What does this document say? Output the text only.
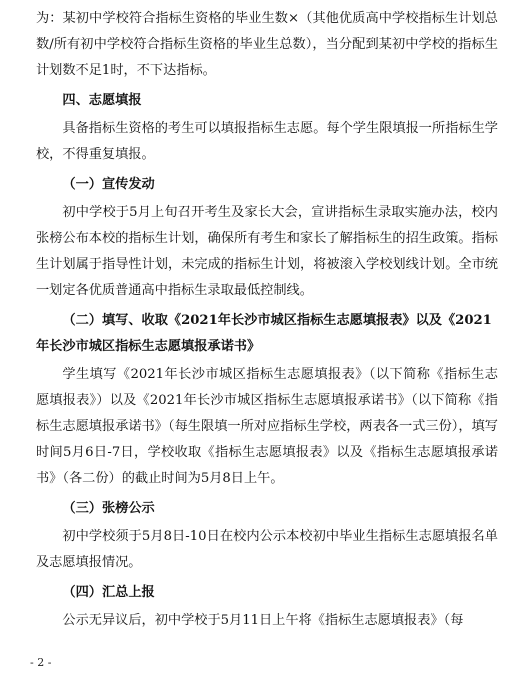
为：某初中学校符合指标生资格的毕业生数×（其他优质高中学校指标生计划总数/所有初中学校符合指标生资格的毕业生总数），当分配到某初中学校的指标生计划数不足1时，不下达指标。

四、志愿填报

具备指标生资格的考生可以填报指标生志愿。每个学生限填报一所指标生学校，不得重复填报。

（一）宣传发动

初中学校于5月上旬召开考生及家长大会，宣讲指标生录取实施办法，校内张榜公布本校的指标生计划，确保所有考生和家长了解指标生的招生政策。指标生计划属于指导性计划，未完成的指标生计划，将被滚入学校划线计划。全市统一划定各优质普通高中指标生录取最低控制线。

（二）填写、收取《2021年长沙市城区指标生志愿填报表》以及《2021年长沙市城区指标生志愿填报承诺书》

学生填写《2021年长沙市城区指标生志愿填报表》（以下简称《指标生志愿填报表》）以及《2021年长沙市城区指标生志愿填报承诺书》（以下简称《指标生志愿填报承诺书》（每生限填一所对应指标生学校，两表各一式三份），填写时间5月6日-7日，学校收取《指标生志愿填报表》以及《指标生志愿填报承诺书》（各二份）的截止时间为5月8日上午。

（三）张榜公示

初中学校须于5月8日-10日在校内公示本校初中毕业生指标生志愿填报名单及志愿填报情况。

（四）汇总上报

公示无异议后，初中学校于5月11日上午将《指标生志愿填报表》（每

- 2 -
